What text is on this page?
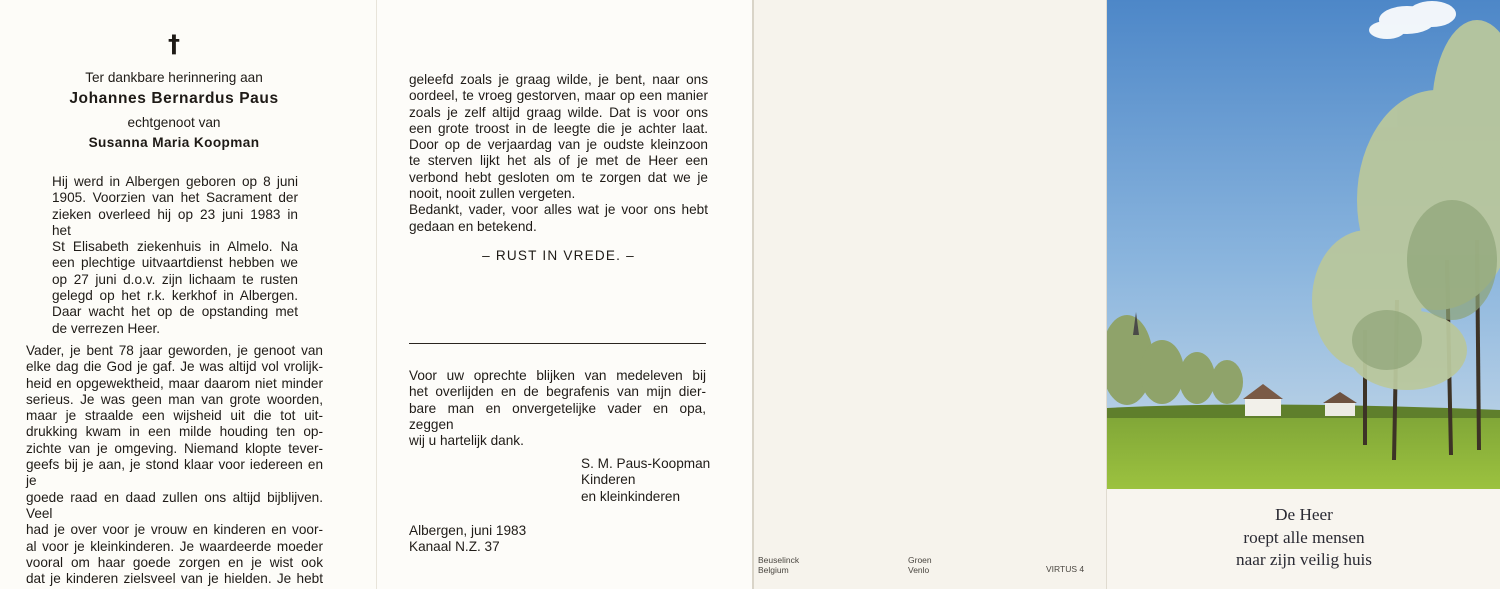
†
Ter dankbare herinnering aan
Johannes Bernardus Paus
echtgenoot van
Susanna Maria Koopman
Hij werd in Albergen geboren op 8 juni
1905. Voorzien van het Sacrament der
zieken overleed hij op 23 juni 1983 in het
St Elisabeth ziekenhuis in Almelo. Na
een plechtige uitvaartdienst hebben we
op 27 juni d.o.v. zijn lichaam te rusten
gelegd op het r.k. kerkhof in Albergen.
Daar wacht het op de opstanding met
de verrezen Heer.
Vader, je bent 78 jaar geworden, je genoot van
elke dag die God je gaf. Je was altijd vol vrolijk-
heid en opgewektheid, maar daarom niet minder
serieus. Je was geen man van grote woorden,
maar je straalde een wijsheid uit die tot uit-
drukking kwam in een milde houding ten op-
zichte van je omgeving. Niemand klopte tever-
geefs bij je aan, je stond klaar voor iedereen en je
goede raad en daad zullen ons altijd bijblijven. Veel
had je over voor je vrouw en kinderen en voor-
al voor je kleinkinderen. Je waardeerde moeder
vooral om haar goede zorgen en je wist ook
dat je kinderen zielsveel van je hielden. Je hebt
geleefd zoals je graag wilde, je bent, naar ons
oordeel, te vroeg gestorven, maar op een manier
zoals je zelf altijd graag wilde. Dat is voor ons
een grote troost in de leegte die je achter laat.
Door op de verjaardag van je oudste kleinzoon
te sterven lijkt het als of je met de Heer een
verbond hebt gesloten om te zorgen dat we je
nooit, nooit zullen vergeten.
Bedankt, vader, voor alles wat je voor ons hebt
gedaan en betekend.
– RUST IN VREDE. –
Voor uw oprechte blijken van medeleven bij
het overlijden en de begrafenis van mijn dier-
bare man en onvergetelijke vader en opa, zeggen
wij u hartelijk dank.
S. M. Paus-Koopman
Kinderen
en kleinkinderen
Albergen, juni 1983
Kanaal N.Z. 37
Beuselinck
Belgium
Groen
Venlo	VIRTUS 4
De Heer
roept alle mensen
naar zijn veilig huis
